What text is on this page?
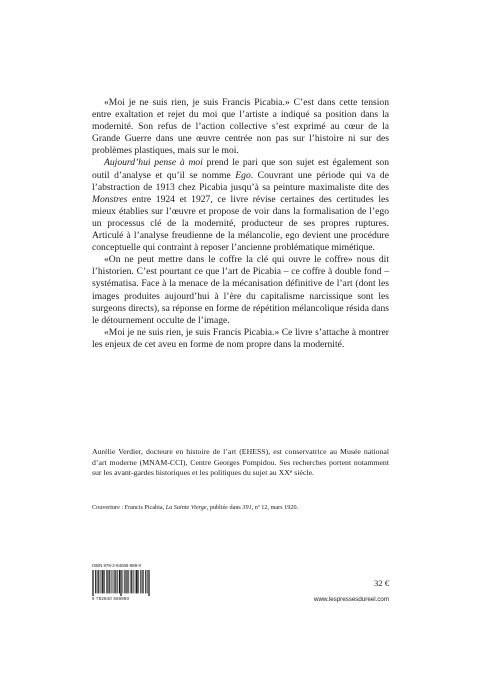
«Moi je ne suis rien, je suis Francis Picabia.» C’est dans cette tension entre exaltation et rejet du moi que l’artiste a indiqué sa position dans la modernité. Son refus de l’action collective s’est exprimé au cœur de la Grande Guerre dans une œuvre centrée non pas sur l’histoire ni sur des problèmes plastiques, mais sur le moi.

Aujourd’hui pense à moi prend le pari que son sujet est également son outil d’analyse et qu’il se nomme Ego. Couvrant une période qui va de l’abstraction de 1913 chez Picabia jusqu’à sa peinture maximaliste dite des Monstres entre 1924 et 1927, ce livre révise certaines des certitudes les mieux établies sur l’œuvre et propose de voir dans la formalisation de l’ego un processus clé de la modernité, producteur de ses propres ruptures. Articulé à l’analyse freudienne de la mélancolie, ego devient une procédure conceptuelle qui contraint à reposer l’ancienne problématique mimétique.

«On ne peut mettre dans le coffre la clé qui ouvre le coffre» nous dit l’historien. C’est pourtant ce que l’art de Picabia – ce coffre à double fond – systématisa. Face à la menace de la mécanisation définitive de l’art (dont les images produites aujourd’hui à l’ère du capitalisme narcissique sont les surgeons directs), sa réponse en forme de répétition mélancolique résida dans le détournement occulte de l’image.

«Moi je ne suis rien, je suis Francis Picabia.» Ce livre s’attache à montrer les enjeux de cet aveu en forme de nom propre dans la modernité.

Aurélie Verdier, docteure en histoire de l’art (EHESS), est conservatrice au Musée national d’art moderne (MNAM-CCI), Centre Georges Pompidou. Ses recherches portent notamment sur les avant-gardes historiques et les politiques du sujet au XXe siècle.

Couverture : Francis Picabia, La Sainte Vierge, publiée dans 391, nº 12, mars 1920.
ISBN 978-2-84066-989-0
9 782840 669890
32 €
www.lespressesdureel.com
